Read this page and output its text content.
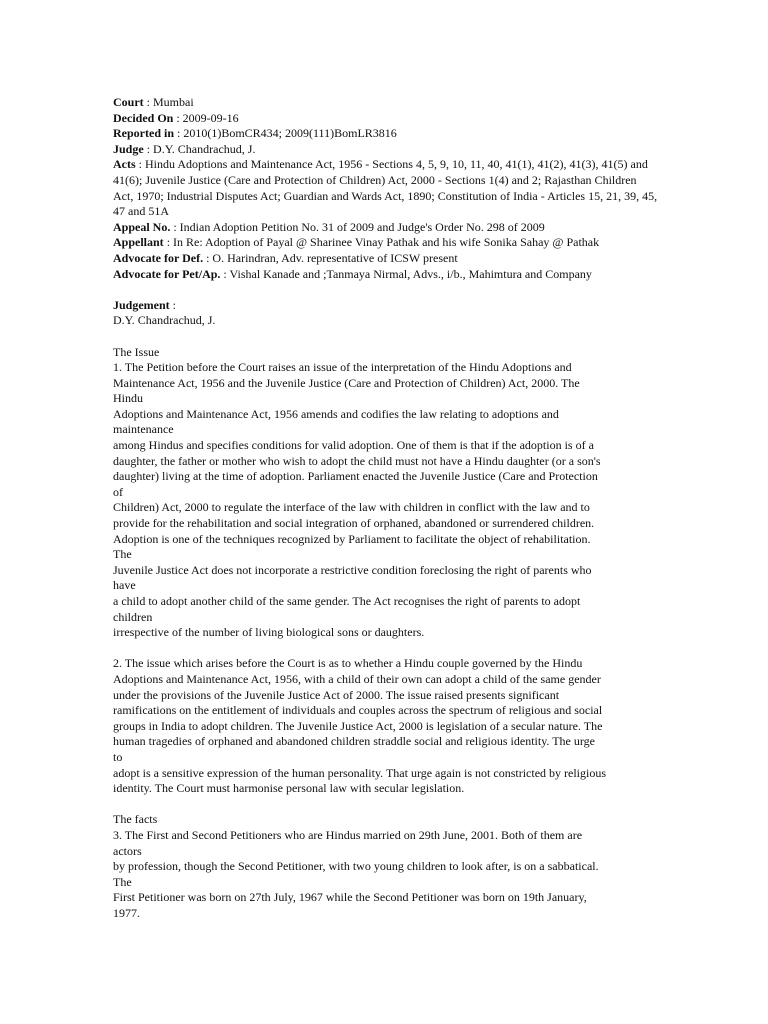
Court : Mumbai
Decided On : 2009-09-16
Reported in : 2010(1)BomCR434; 2009(111)BomLR3816
Judge : D.Y. Chandrachud, J.
Acts : Hindu Adoptions and Maintenance Act, 1956 - Sections 4, 5, 9, 10, 11, 40, 41(1), 41(2), 41(3), 41(5) and 41(6); Juvenile Justice (Care and Protection of Children) Act, 2000 - Sections 1(4) and 2; Rajasthan Children Act, 1970; Industrial Disputes Act; Guardian and Wards Act, 1890; Constitution of India - Articles 15, 21, 39, 45, 47 and 51A
Appeal No. : Indian Adoption Petition No. 31 of 2009 and Judge's Order No. 298 of 2009
Appellant : In Re: Adoption of Payal @ Sharinee Vinay Pathak and his wife Sonika Sahay @ Pathak
Advocate for Def. : O. Harindran, Adv. representative of ICSW present
Advocate for Pet/Ap. : Vishal Kanade and ;Tanmaya Nirmal, Advs., i/b., Mahimtura and Company
Judgement :
D.Y. Chandrachud, J.
The Issue
1. The Petition before the Court raises an issue of the interpretation of the Hindu Adoptions and
Maintenance Act, 1956 and the Juvenile Justice (Care and Protection of Children) Act, 2000. The
Hindu
Adoptions and Maintenance Act, 1956 amends and codifies the law relating to adoptions and
maintenance
among Hindus and specifies conditions for valid adoption. One of them is that if the adoption is of a
daughter, the father or mother who wish to adopt the child must not have a Hindu daughter (or a son's
daughter) living at the time of adoption. Parliament enacted the Juvenile Justice (Care and Protection
of
Children) Act, 2000 to regulate the interface of the law with children in conflict with the law and to
provide for the rehabilitation and social integration of orphaned, abandoned or surrendered children.
Adoption is one of the techniques recognized by Parliament to facilitate the object of rehabilitation.
The
Juvenile Justice Act does not incorporate a restrictive condition foreclosing the right of parents who
have
a child to adopt another child of the same gender. The Act recognises the right of parents to adopt
children
irrespective of the number of living biological sons or daughters.
2. The issue which arises before the Court is as to whether a Hindu couple governed by the Hindu
Adoptions and Maintenance Act, 1956, with a child of their own can adopt a child of the same gender
under the provisions of the Juvenile Justice Act of 2000. The issue raised presents significant
ramifications on the entitlement of individuals and couples across the spectrum of religious and social
groups in India to adopt children. The Juvenile Justice Act, 2000 is legislation of a secular nature. The
human tragedies of orphaned and abandoned children straddle social and religious identity. The urge
to
adopt is a sensitive expression of the human personality. That urge again is not constricted by religious
identity. The Court must harmonise personal law with secular legislation.
The facts
3. The First and Second Petitioners who are Hindus married on 29th June, 2001. Both of them are
actors
by profession, though the Second Petitioner, with two young children to look after, is on a sabbatical.
The
First Petitioner was born on 27th July, 1967 while the Second Petitioner was born on 19th January,
1977.
